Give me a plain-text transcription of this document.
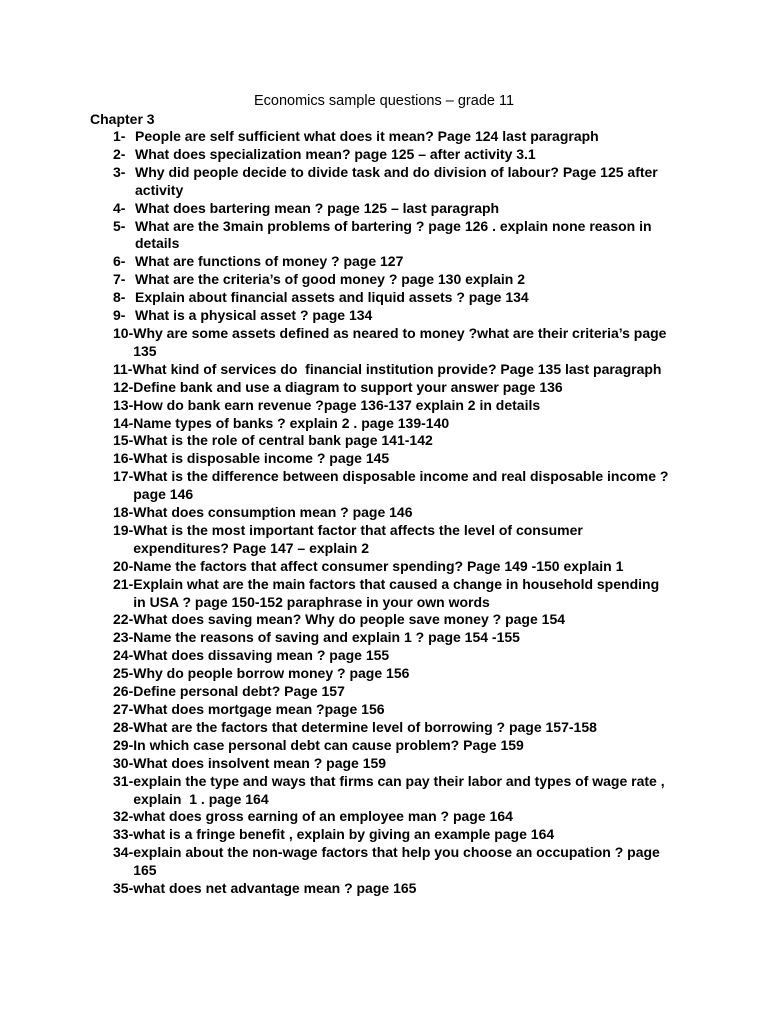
Economics sample questions – grade 11
Chapter 3
1- People are self sufficient what does it mean? Page 124 last paragraph
2- What does specialization mean? page 125 – after activity 3.1
3- Why did people decide to divide task and do division of labour? Page 125 after activity
4- What does bartering mean ? page 125 – last paragraph
5- What are the 3main problems of bartering ? page 126 . explain none reason in details
6- What are functions of money ? page 127
7- What are the criteria’s of good money ? page 130 explain 2
8- Explain about financial assets and liquid assets ? page 134
9- What is a physical asset ? page 134
10- Why are some assets defined as neared to money ?what are their criteria’s page 135
11- What kind of services do  financial institution provide? Page 135 last paragraph
12- Define bank and use a diagram to support your answer page 136
13- How do bank earn revenue ?page 136-137 explain 2 in details
14- Name types of banks ? explain 2 . page 139-140
15- What is the role of central bank page 141-142
16- What is disposable income ? page 145
17- What is the difference between disposable income and real disposable income ? page 146
18- What does consumption mean ? page 146
19- What is the most important factor that affects the level of consumer expenditures? Page 147 – explain 2
20- Name the factors that affect consumer spending? Page 149 -150 explain 1
21- Explain what are the main factors that caused a change in household spending in USA ? page 150-152 paraphrase in your own words
22- What does saving mean? Why do people save money ? page 154
23- Name the reasons of saving and explain 1 ? page 154 -155
24- What does dissaving mean ? page 155
25- Why do people borrow money ? page 156
26- Define personal debt? Page 157
27- What does mortgage mean ?page 156
28- What are the factors that determine level of borrowing ? page 157-158
29- In which case personal debt can cause problem? Page 159
30- What does insolvent mean ? page 159
31- explain the type and ways that firms can pay their labor and types of wage rate , explain  1 . page 164
32- what does gross earning of an employee man ? page 164
33- what is a fringe benefit , explain by giving an example page 164
34- explain about the non-wage factors that help you choose an occupation ? page 165
35- what does net advantage mean ? page 165
